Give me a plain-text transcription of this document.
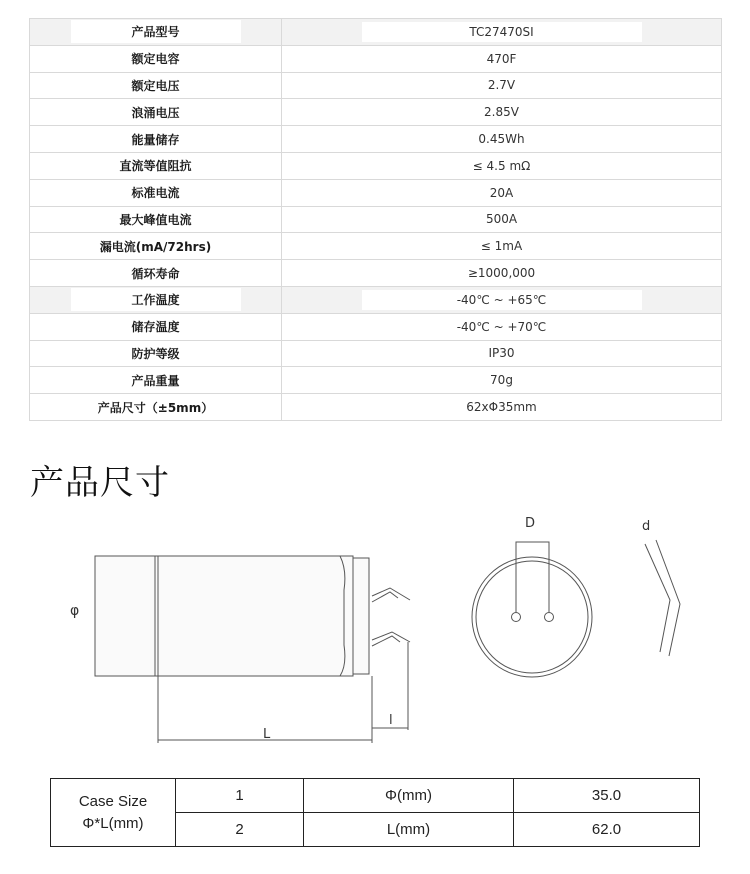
产品型号	TC27470SI
额定电容	470F
额定电压	2.7V
浪涌电压	2.85V
能量储存	0.45Wh
直流等值阻抗	≤ 4.5 mΩ
标准电流	20A
最大峰值电流	500A
漏电流(mA/72hrs)	≤ 1mA
循环寿命	≥1000,000
工作温度	-40℃ ~ +65℃
储存温度	-40℃ ~ +70℃
防护等级	IP30
产品重量	70g
产品尺寸（±5mm）	62xΦ35mm
产品尺寸
φ
L
l
D	d
Case Size
Φ*L(mm)	1	Φ(mm)	35.0
	2	L(mm)	62.0
